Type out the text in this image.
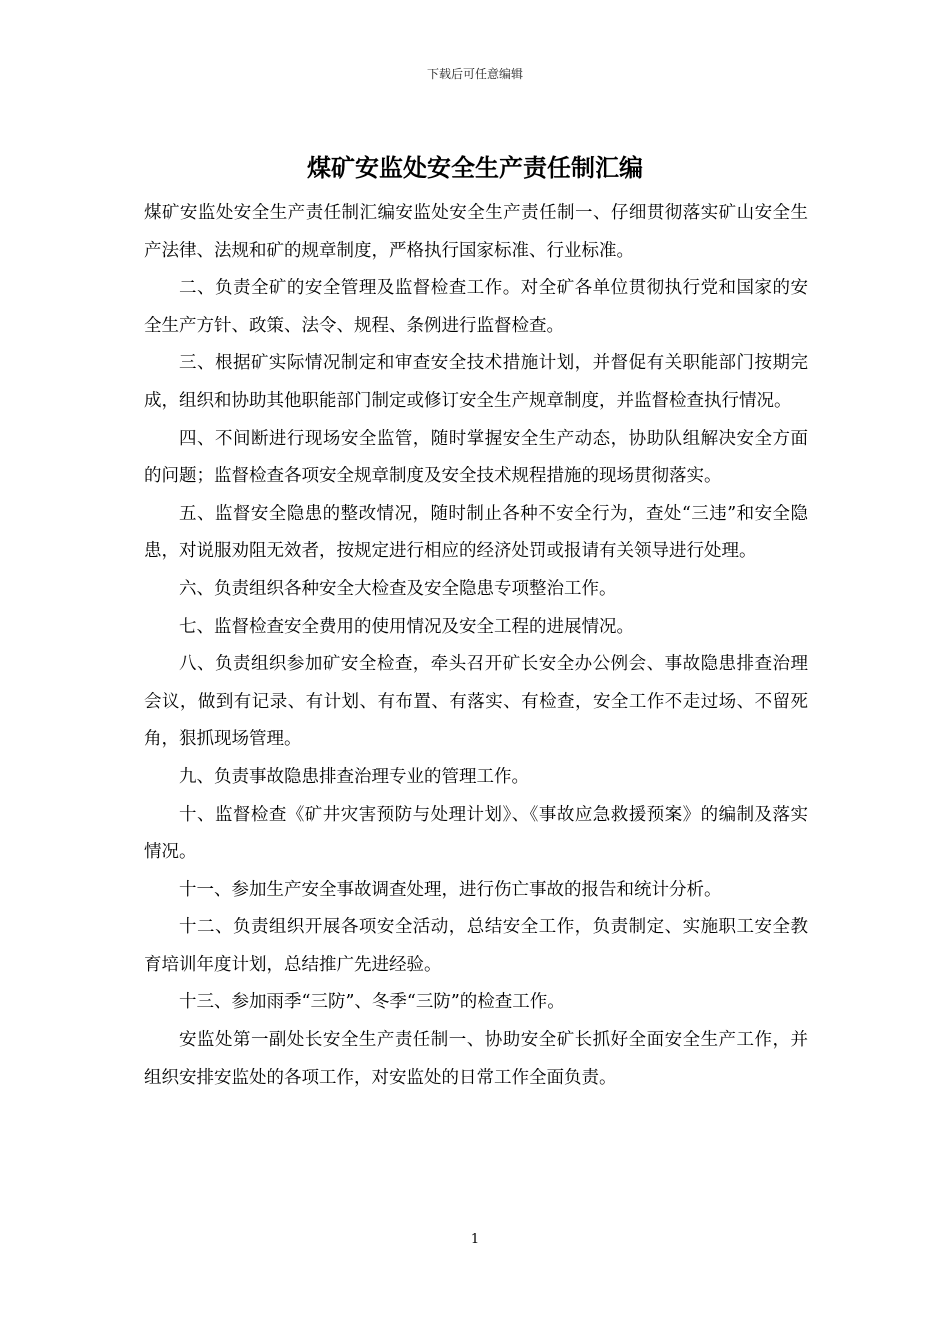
下载后可任意编辑
煤矿安监处安全生产责任制汇编

煤矿安监处安全生产责任制汇编安监处安全生产责任制一、仔细贯彻落实矿山安全生产法律、法规和矿的规章制度，严格执行国家标准、行业标准。

二、负责全矿的安全管理及监督检查工作。对全矿各单位贯彻执行党和国家的安全生产方针、政策、法令、规程、条例进行监督检查。

三、根据矿实际情况制定和审查安全技术措施计划，并督促有关职能部门按期完成，组织和协助其他职能部门制定或修订安全生产规章制度，并监督检查执行情况。

四、不间断进行现场安全监管，随时掌握安全生产动态，协助队组解决安全方面的问题；监督检查各项安全规章制度及安全技术规程措施的现场贯彻落实。

五、监督安全隐患的整改情况，随时制止各种不安全行为，查处“三违”和安全隐患，对说服劝阻无效者，按规定进行相应的经济处罚或报请有关领导进行处理。

六、负责组织各种安全大检查及安全隐患专项整治工作。

七、监督检查安全费用的使用情况及安全工程的进展情况。

八、负责组织参加矿安全检查，牵头召开矿长安全办公例会、事故隐患排查治理会议，做到有记录、有计划、有布置、有落实、有检查，安全工作不走过场、不留死角，狠抓现场管理。

九、负责事故隐患排查治理专业的管理工作。

十、监督检查《矿井灾害预防与处理计划》、《事故应急救援预案》的编制及落实情况。

十一、参加生产安全事故调查处理，进行伤亡事故的报告和统计分析。

十二、负责组织开展各项安全活动，总结安全工作，负责制定、实施职工安全教育培训年度计划，总结推广先进经验。

十三、参加雨季“三防”、冬季“三防”的检查工作。

安监处第一副处长安全生产责任制一、协助安全矿长抓好全面安全生产工作，并组织安排安监处的各项工作，对安监处的日常工作全面负责。

1
